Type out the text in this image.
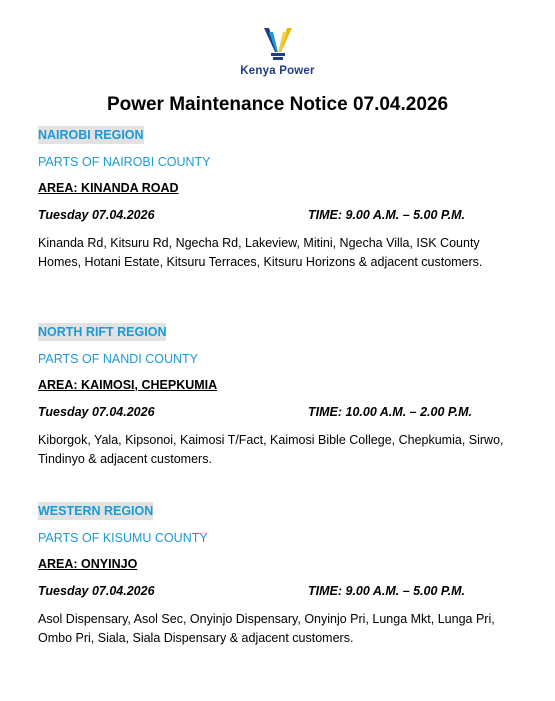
Kenya Power
Power Maintenance Notice 07.04.2026
NAIROBI REGION
PARTS OF NAIROBI COUNTY
AREA: KINANDA ROAD
Tuesday 07.04.2026	TIME: 9.00 A.M. – 5.00 P.M.
Kinanda Rd, Kitsuru Rd, Ngecha Rd, Lakeview, Mitini, Ngecha Villa, ISK County Homes, Hotani Estate, Kitsuru Terraces, Kitsuru Horizons & adjacent customers.
NORTH RIFT REGION
PARTS OF NANDI COUNTY
AREA: KAIMOSI, CHEPKUMIA
Tuesday 07.04.2026	TIME: 10.00 A.M. – 2.00 P.M.
Kiborgok, Yala, Kipsonoi, Kaimosi T/Fact, Kaimosi Bible College, Chepkumia, Sirwo, Tindinyo & adjacent customers.
WESTERN REGION
PARTS OF KISUMU COUNTY
AREA: ONYINJO
Tuesday 07.04.2026	TIME: 9.00 A.M. – 5.00 P.M.
Asol Dispensary, Asol Sec, Onyinjo Dispensary, Onyinjo Pri, Lunga Mkt, Lunga Pri, Ombo Pri, Siala, Siala Dispensary & adjacent customers.
